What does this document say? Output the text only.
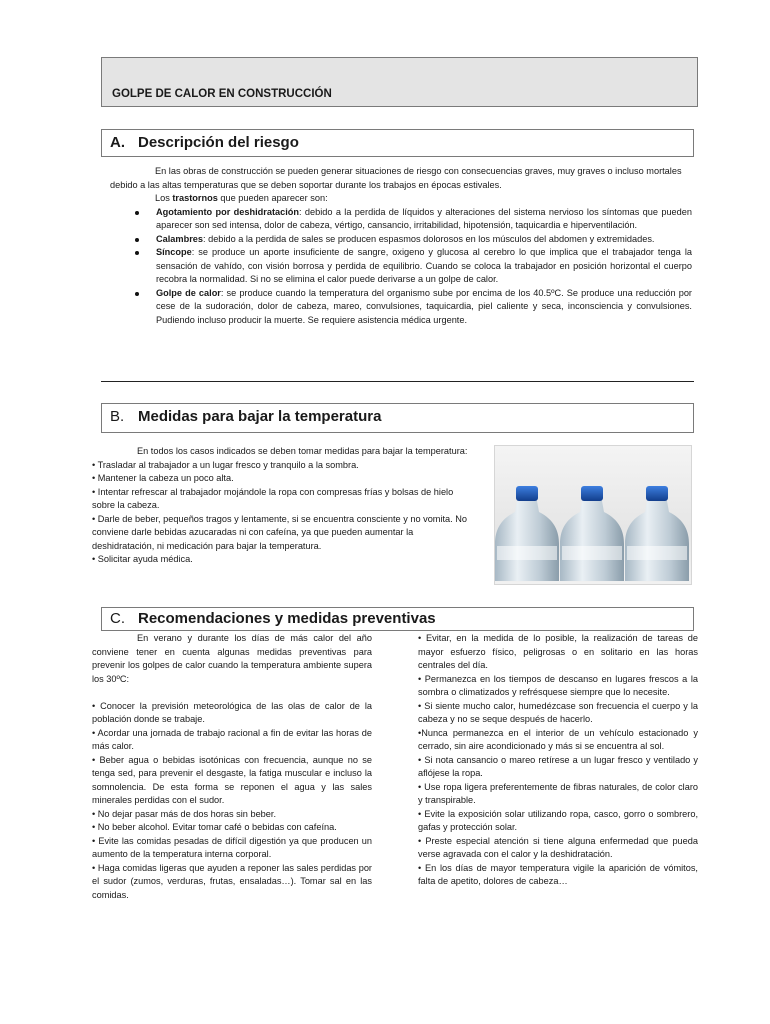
GOLPE DE CALOR EN CONSTRUCCIÓN
A. Descripción del riesgo

En las obras de construcción se pueden generar situaciones de riesgo con consecuencias graves, muy graves o incluso mortales debido a las altas temperaturas que se deben soportar durante los trabajos en épocas estivales.

Los trastornos que pueden aparecer son:

Agotamiento por deshidratación: debido a la perdida de líquidos y alteraciones del sistema nervioso los síntomas que pueden aparecer son sed intensa, dolor de cabeza, vértigo, cansancio, irritabilidad, hipotensión, taquicardia e hiperventilación.
Calambres: debido a la perdida de sales se producen espasmos dolorosos en los músculos del abdomen y extremidades.
Síncope: se produce un aporte insuficiente de sangre, oxigeno y glucosa al cerebro lo que implica que el trabajador tenga la sensación de vahído, con visión borrosa y perdida de equilibrio. Cuando se coloca la trabajador en posición horizontal el cuerpo recobra la normalidad. Si no se elimina el calor puede derivarse a un golpe de calor.
Golpe de calor: se produce cuando la temperatura del organismo sube por encima de los 40.5ºC. Se produce una reducción por cese de la sudoración, dolor de cabeza, mareo, convulsiones, taquicardia, piel caliente y seca, inconsciencia y convulsiones. Pudiendo incluso producir la muerte. Se requiere asistencia médica urgente.
B. Medidas para bajar la temperatura

En todos los casos indicados se deben tomar medidas para bajar la temperatura:

• Trasladar al trabajador a un lugar fresco y tranquilo a la sombra.

• Mantener la cabeza un poco alta.

• Intentar refrescar al trabajador mojándole la ropa con compresas frías y bolsas de hielo sobre la cabeza.

• Darle de beber, pequeños tragos y lentamente, si se encuentra consciente y no vomita. No conviene darle bebidas azucaradas ni con cafeína, ya que pueden aumentar la deshidratación, ni medicación para bajar la temperatura.

• Solicitar ayuda médica.

C. Recomendaciones y medidas preventivas

En verano y durante los días de más calor del año conviene tener en cuenta algunas medidas preventivas para prevenir los golpes de calor cuando la temperatura ambiente supera los 30ºC:

• Conocer la previsión meteorológica de las olas de calor de la población donde se trabaje.

• Acordar una jornada de trabajo racional a fin de evitar las horas de más calor.

• Beber agua o bebidas isotónicas con frecuencia, aunque no se tenga sed, para prevenir el desgaste, la fatiga muscular e incluso la somnolencia. De esta forma se reponen el agua y las sales minerales perdidas con el sudor.

• No dejar pasar más de dos horas sin beber.

• No beber alcohol. Evitar tomar café o bebidas con cafeína.

• Evite las comidas pesadas de difícil digestión ya que producen un aumento de la temperatura interna corporal.

• Haga comidas ligeras que ayuden a reponer las sales perdidas por el sudor (zumos, verduras, frutas, ensaladas…). Tomar sal en las comidas.

• Evitar, en la medida de lo posible, la realización de tareas de mayor esfuerzo físico, peligrosas o en solitario en las horas centrales del día.

• Permanezca en los tiempos de descanso en lugares frescos a la sombra o climatizados y refrésquese siempre que lo necesite.

• Si siente mucho calor, humedézcase son frecuencia el cuerpo y la cabeza y no se seque después de hacerlo.

•Nunca permanezca en el interior de un vehículo estacionado y cerrado, sin aire acondicionado y más si se encuentra al sol.

• Si nota cansancio o mareo retírese a un lugar fresco y ventilado y aflójese la ropa.

• Use ropa ligera preferentemente de fibras naturales, de color claro y transpirable.

• Evite la exposición solar utilizando ropa, casco, gorro o sombrero, gafas y protección solar.

• Preste especial atención si tiene alguna enfermedad que pueda verse agravada con el calor y la deshidratación.

• En los días de mayor temperatura vigile la aparición de vómitos, falta de apetito, dolores de cabeza…
